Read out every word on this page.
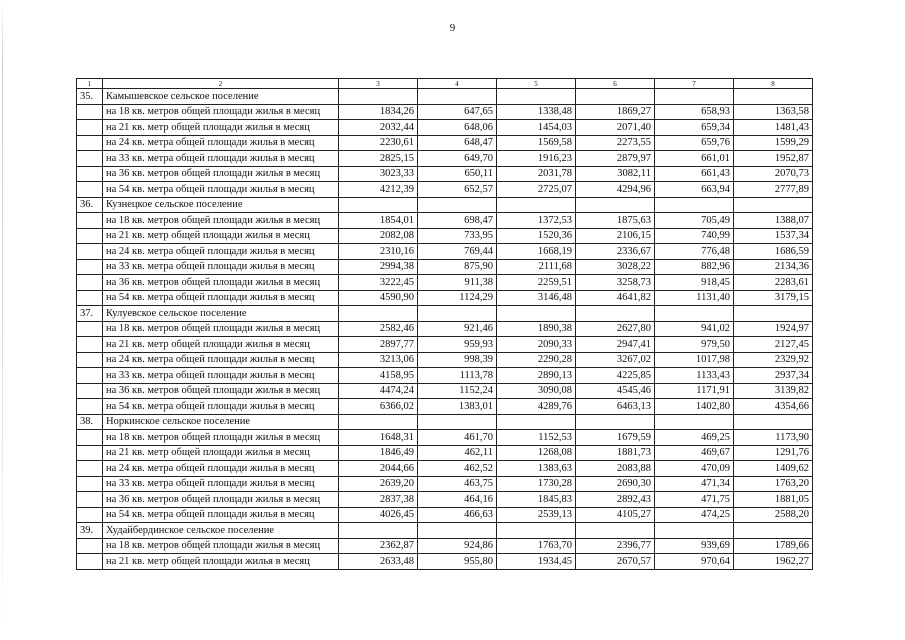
9
1	2	3	4	5	6	7	8
35.	Камышевское сельское поселение						
	на 18 кв. метров общей площади жилья в месяц	1834,26	647,65	1338,48	1869,27	658,93	1363,58
	на 21 кв. метр общей площади жилья в месяц	2032,44	648,06	1454,03	2071,40	659,34	1481,43
	на 24 кв. метра общей площади жилья в месяц	2230,61	648,47	1569,58	2273,55	659,76	1599,29
	на 33 кв. метра общей площади жилья в месяц	2825,15	649,70	1916,23	2879,97	661,01	1952,87
	на 36 кв. метров общей площади жилья в месяц	3023,33	650,11	2031,78	3082,11	661,43	2070,73
	на 54 кв. метра общей площади жилья в месяц	4212,39	652,57	2725,07	4294,96	663,94	2777,89
36.	Кузнецкое сельское поселение						
	на 18 кв. метров общей площади жилья в месяц	1854,01	698,47	1372,53	1875,63	705,49	1388,07
	на 21 кв. метр общей площади жилья в месяц	2082,08	733,95	1520,36	2106,15	740,99	1537,34
	на 24 кв. метра общей площади жилья в месяц	2310,16	769,44	1668,19	2336,67	776,48	1686,59
	на 33 кв. метра общей площади жилья в месяц	2994,38	875,90	2111,68	3028,22	882,96	2134,36
	на 36 кв. метров общей площади жилья в месяц	3222,45	911,38	2259,51	3258,73	918,45	2283,61
	на 54 кв. метра общей площади жилья в месяц	4590,90	1124,29	3146,48	4641,82	1131,40	3179,15
37.	Кулуевское сельское поселение						
	на 18 кв. метров общей площади жилья в месяц	2582,46	921,46	1890,38	2627,80	941,02	1924,97
	на 21 кв. метр общей площади жилья в месяц	2897,77	959,93	2090,33	2947,41	979,50	2127,45
	на 24 кв. метра общей площади жилья в месяц	3213,06	998,39	2290,28	3267,02	1017,98	2329,92
	на 33 кв. метра общей площади жилья в месяц	4158,95	1113,78	2890,13	4225,85	1133,43	2937,34
	на 36 кв. метров общей площади жилья в месяц	4474,24	1152,24	3090,08	4545,46	1171,91	3139,82
	на 54 кв. метра общей площади жилья в месяц	6366,02	1383,01	4289,76	6463,13	1402,80	4354,66
38.	Норкинское сельское поселение						
	на 18 кв. метров общей площади жилья в месяц	1648,31	461,70	1152,53	1679,59	469,25	1173,90
	на 21 кв. метр общей площади жилья в месяц	1846,49	462,11	1268,08	1881,73	469,67	1291,76
	на 24 кв. метра общей площади жилья в месяц	2044,66	462,52	1383,63	2083,88	470,09	1409,62
	на 33 кв. метра общей площади жилья в месяц	2639,20	463,75	1730,28	2690,30	471,34	1763,20
	на 36 кв. метров общей площади жилья в месяц	2837,38	464,16	1845,83	2892,43	471,75	1881,05
	на 54 кв. метра общей площади жилья в месяц	4026,45	466,63	2539,13	4105,27	474,25	2588,20
39.	Худайбердинское сельское поселение						
	на 18 кв. метров общей площади жилья в месяц	2362,87	924,86	1763,70	2396,77	939,69	1789,66
	на 21 кв. метр общей площади жилья в месяц	2633,48	955,80	1934,45	2670,57	970,64	1962,27
